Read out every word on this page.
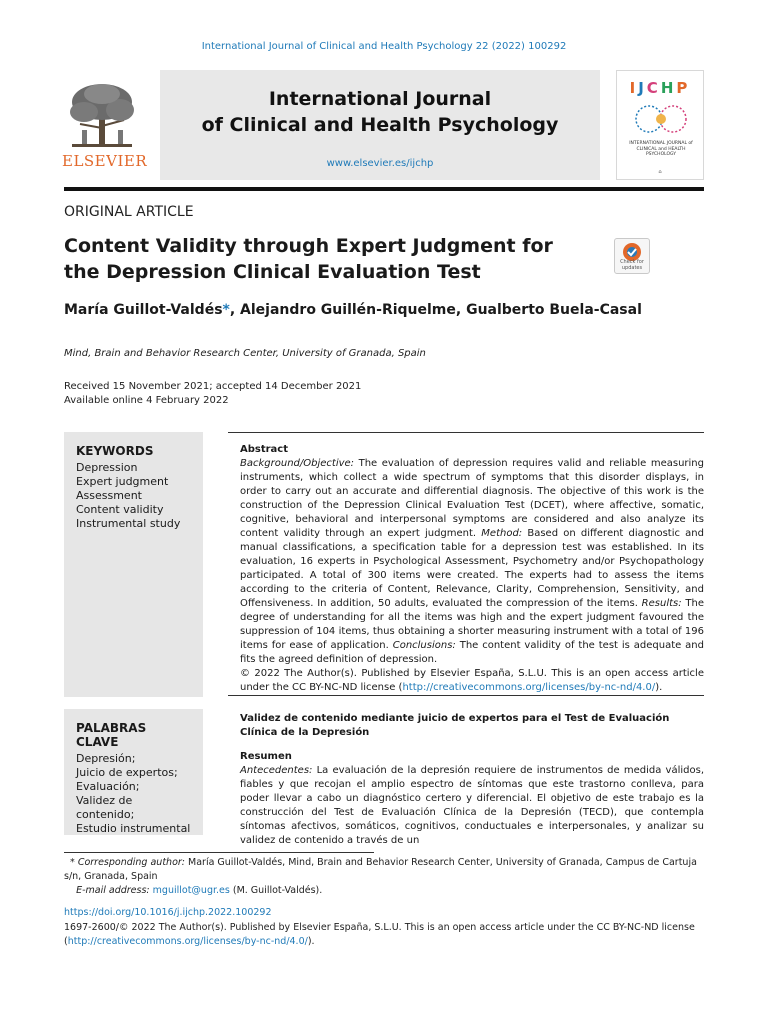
International Journal of Clinical and Health Psychology 22 (2022) 100292
ELSEVIER
International Journal
of Clinical and Health Psychology
www.elsevier.es/ijchp
IJCHP
INTERNATIONAL JOURNAL of CLINICAL and HEALTH PSYCHOLOGY
⌂
ORIGINAL ARTICLE
Content Validity through Expert Judgment for the Depression Clinical Evaluation Test	Check for updates
María Guillot-Valdés*, Alejandro Guillén-Riquelme, Gualberto Buela-Casal
Mind, Brain and Behavior Research Center, University of Granada, Spain
Received 15 November 2021; accepted 14 December 2021
Available online 4 February 2022
KEYWORDS
Depression
Expert judgment
Assessment
Content validity
Instrumental study
PALABRAS CLAVE
Depresión;
Juicio de expertos;
Evaluación;
Validez de contenido;
Estudio instrumental
Abstract
Background/Objective: The evaluation of depression requires valid and reliable measuring instruments, which collect a wide spectrum of symptoms that this disorder displays, in order to carry out an accurate and differential diagnosis. The objective of this work is the construction of the Depression Clinical Evaluation Test (DCET), where affective, somatic, cognitive, behavioral and interpersonal symptoms are considered and also analyze its content validity through an expert judgment. Method: Based on different diagnostic and manual classifications, a specification table for a depression test was established. In its evaluation, 16 experts in Psychological Assessment, Psychometry and/or Psychopathology participated. A total of 300 items were created. The experts had to assess the items according to the criteria of Content, Relevance, Clarity, Comprehension, Sensitivity, and Offensiveness. In addition, 50 adults, evaluated the compression of the items. Results: The degree of understanding for all the items was high and the expert judgment favoured the suppression of 104 items, thus obtaining a shorter measuring instrument with a total of 196 items for ease of application. Conclusions: The content validity of the test is adequate and fits the agreed definition of depression.
© 2022 The Author(s). Published by Elsevier España, S.L.U. This is an open access article under the CC BY-NC-ND license (http://creativecommons.org/licenses/by-nc-nd/4.0/).
Validez de contenido mediante juicio de expertos para el Test de Evaluación Clínica de la Depresión
Resumen
Antecedentes: La evaluación de la depresión requiere de instrumentos de medida válidos, fiables y que recojan el amplio espectro de síntomas que este trastorno conlleva, para poder llevar a cabo un diagnóstico certero y diferencial. El objetivo de este trabajo es la construcción del Test de Evaluación Clínica de la Depresión (TECD), que contempla síntomas afectivos, somáticos, cognitivos, conductuales e interpersonales, y analizar su validez de contenido a través de un
* Corresponding author: María Guillot-Valdés, Mind, Brain and Behavior Research Center, University of Granada, Campus de Cartuja s/n, Granada, Spain
E-mail address: mguillot@ugr.es (M. Guillot-Valdés).
https://doi.org/10.1016/j.ijchp.2022.100292
1697-2600/© 2022 The Author(s). Published by Elsevier España, S.L.U. This is an open access article under the CC BY-NC-ND license
(http://creativecommons.org/licenses/by-nc-nd/4.0/).
